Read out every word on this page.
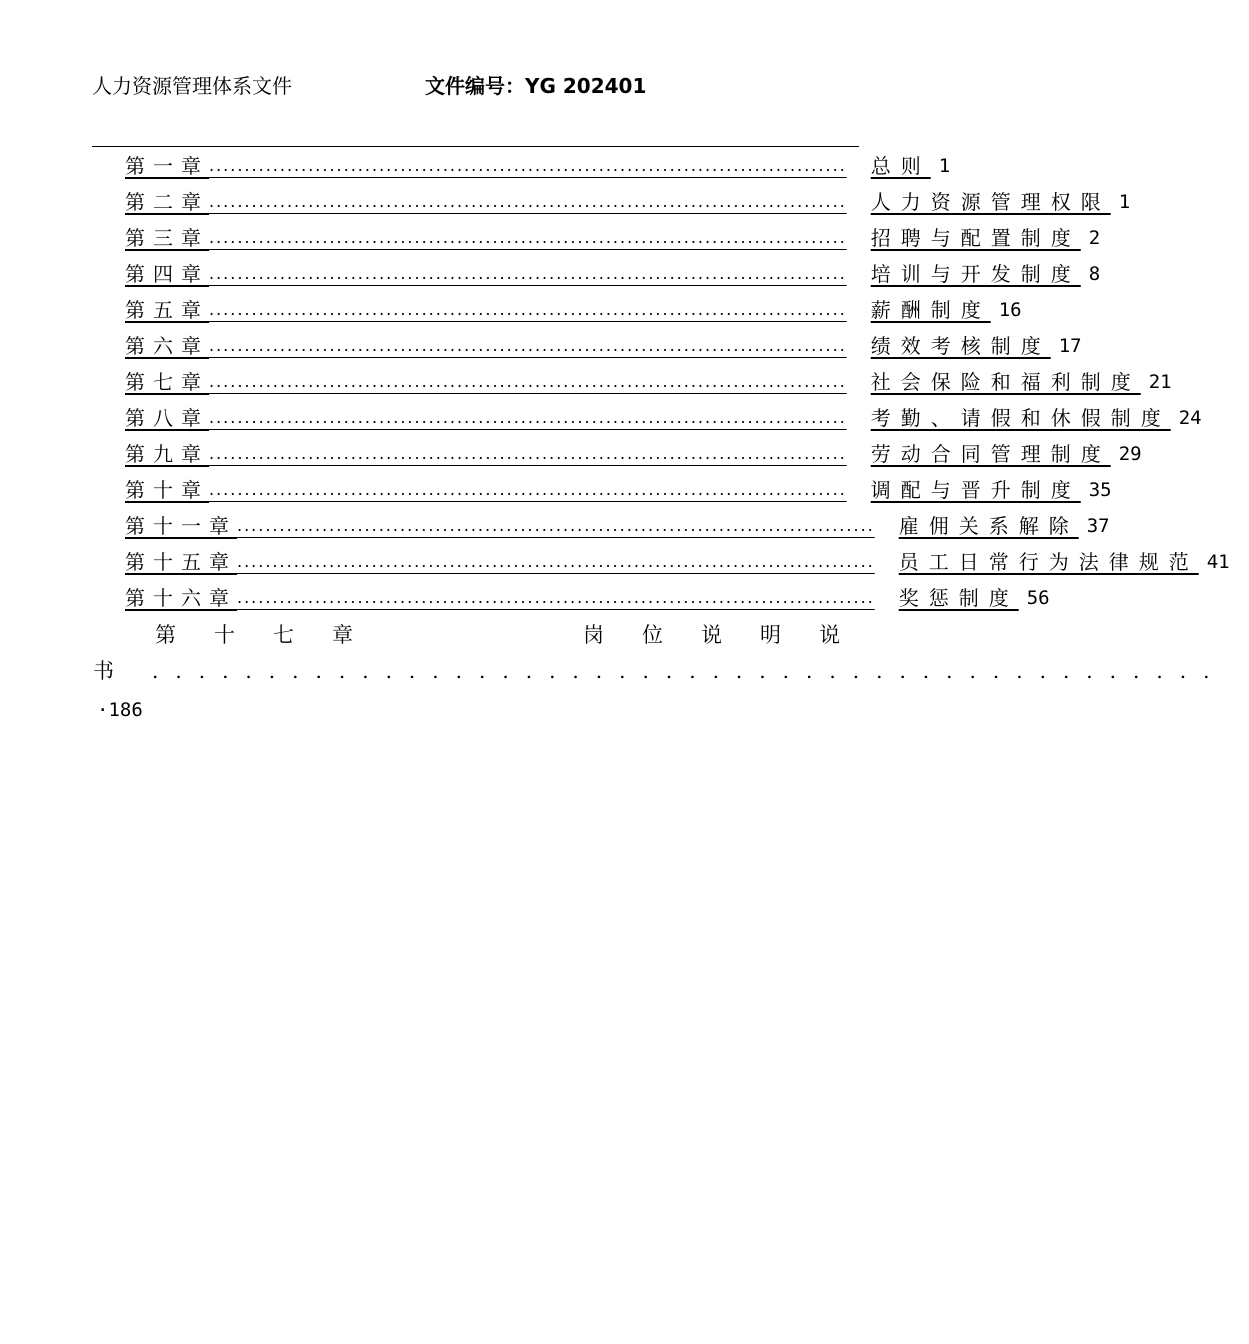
人力资源管理体系文件	文件编号：YG 202401
第一章 .......................................................................................... 总则 1
第二章 .......................................................................................... 人力资源管理权限 1
第三章 .......................................................................................... 招聘与配置制度 2
第四章 .......................................................................................... 培训与开发制度 8
第五章 .......................................................................................... 薪酬制度 16
第六章 .......................................................................................... 绩效考核制度 17
第七章 .......................................................................................... 社会保险和福利制度 21
第八章 .......................................................................................... 考勤、请假和休假制度 24
第九章 .......................................................................................... 劳动合同管理制度 29
第十章 .......................................................................................... 调配与晋升制度 35
第十一章 .......................................................................................... 雇佣关系解除 37
第十五章 .......................................................................................... 员工日常行为法律规范 41
第十六章 .......................................................................................... 奖惩制度 56
第十七章	岗位说明说
书 ..............................................
·186
